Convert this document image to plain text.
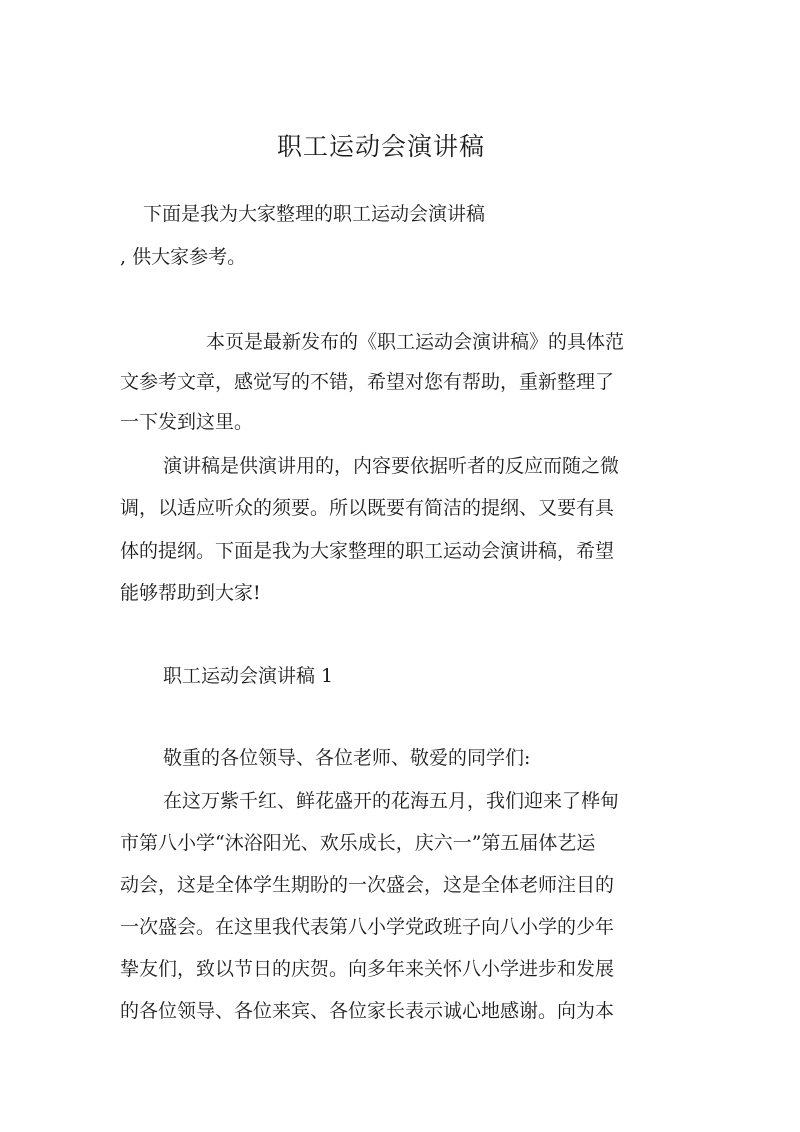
职工运动会演讲稿
下面是我为大家整理的职工运动会演讲稿
, 供大家参考。
本页是最新发布的《职工运动会演讲稿》的具体范
文参考文章，感觉写的不错，希望对您有帮助，重新整理了
一下发到这里。
演讲稿是供演讲用的，内容要依据听者的反应而随之微
调，以适应听众的须要。所以既要有简洁的提纲、又要有具
体的提纲。下面是我为大家整理的职工运动会演讲稿，希望
能够帮助到大家!
职工运动会演讲稿 1
敬重的各位领导、各位老师、敬爱的同学们:
在这万紫千红、鲜花盛开的花海五月，我们迎来了桦甸
市第八小学“沐浴阳光、欢乐成长，庆六一”第五届体艺运
动会，这是全体学生期盼的一次盛会，这是全体老师注目的
一次盛会。在这里我代表第八小学党政班子向八小学的少年
挚友们，致以节日的庆贺。向多年来关怀八小学进步和发展
的各位领导、各位来宾、各位家长表示诚心地感谢。向为本
